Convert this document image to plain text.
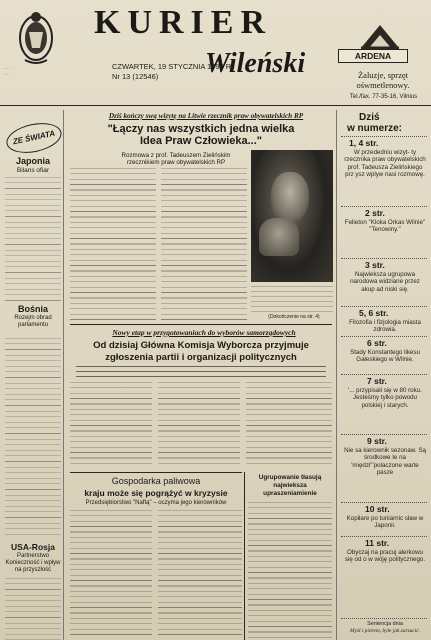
· · ·
· · ·
KURIER
Wileński
CZWARTEK, 19 STYCZNIA 1995 R.
Nr 13 (12546)
ARDENA
Żaluzje, sprzęt
ośwmetlenowy.
Tel./fax. 77-35-16, Vilnius
ZE ŚWIATA
Japonia
Bilans ofiar
Bośnia
Rozejm obrad parlamentu
USA-Rosja
Partnerstwo Konieczność i wpływ na przyszłość
Dziś kończy swą wizytę na Litwie rzecznik praw obywatelskich RP
"Łączy nas wszystkich jedna wielka
Idea Praw Człowieka..."
Rozmowa z prof. Tadeuszem Zielińskim
rzecznikiem praw obywatelskich RP
(Dokończenie na str. 4)
Nowy etap w przygotowaniach do wyborów samorządowych
Od dzisiaj Główna Komisja Wyborcza przyjmuje
zgłoszenia partii i organizacji politycznych
Gospodarka paliwowa
kraju może się pogrążyć w kryzysie
Przedsiębiorstwo "Naftą" – oczyma jego kierowników
Ugrupowanie tłasują
najwieksza
upraszeniamienie
Dziś
w numerze:
1, 4 str.
W przededniu wizyt- ty rzecznika praw obywatelskich prof. Tadeusza Zielińskiego prz ysz wplyw nasi rozmowę.
2 str.
Felieton "Kloka Orkas Wilnie" "Tenowiny."
3 str.
Najwieksza ugrupowa narodowa widziane przez akup ad niski się.
5, 6 str.
Filozofia i fizjologia miasta zdrowia.
6 str.
Stady Konstantego likesu Gałeskiego w Wilnie.
7 str.
'... przypisali się w 80 roku. Jesteśmy tylko powodu polskiej i starych.
9 str.
Nie sa kierownik sezonaw. Są środkowe Ie na 'międzi"'polaczone warte pasze
10 str.
Kopiłare po tuniarnic sław w Japonii.
11 str.
Obyczaj na pracuj alerkowu się od o w wóję politycznego.
Sentencja dnia
Myśl i piórem, byle jak zarzucić.
